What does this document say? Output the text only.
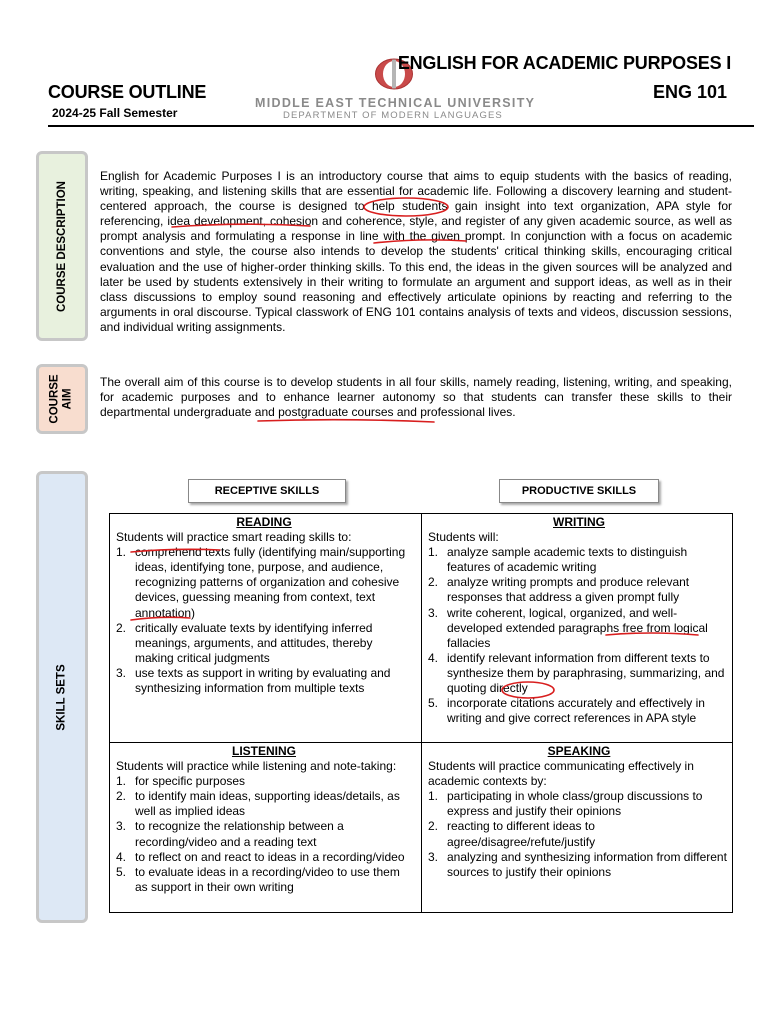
COURSE OUTLINE
2024-25 Fall Semester
MIDDLE EAST TECHNICAL UNIVERSITY
DEPARTMENT OF MODERN LANGUAGES
ENGLISH FOR ACADEMIC PURPOSES I
ENG 101
COURSE DESCRIPTION
COURSE
AIM
SKILL SETS

English for Academic Purposes I is an introductory course that aims to equip students with the basics of reading, writing, speaking, and listening skills that are essential for academic life. Following a discovery learning and student-centered approach, the course is designed to help students gain insight into text organization, APA style for referencing, idea development, cohesion and coherence, style, and register of any given academic source, as well as prompt analysis and formulating a response in line with the given prompt. In conjunction with a focus on academic conventions and style, the course also intends to develop the students' critical thinking skills, encouraging critical evaluation and the use of higher-order thinking skills. To this end, the ideas in the given sources will be analyzed and later be used by students extensively in their writing to formulate an argument and support ideas, as well as in their class discussions to employ sound reasoning and effectively articulate opinions by reacting and referring to the arguments in oral discourse. Typical classwork of ENG 101 contains analysis of texts and videos, discussion sessions, and individual writing assignments.

The overall aim of this course is to develop students in all four skills, namely reading, listening, writing, and speaking, for academic purposes and to enhance learner autonomy so that students can transfer these skills to their departmental undergraduate and postgraduate courses and professional lives.

RECEPTIVE SKILLS	PRODUCTIVE SKILLS
READING
Students will practice smart reading skills to:
1. comprehend texts fully (identifying main/supporting ideas, identifying tone, purpose, and audience, recognizing patterns of organization and cohesive devices, guessing meaning from context, text annotation)
2. critically evaluate texts by identifying inferred meanings, arguments, and attitudes, thereby making critical judgments
3. use texts as support in writing by evaluating and synthesizing information from multiple texts
WRITING
Students will:
1. analyze sample academic texts to distinguish features of academic writing
2. analyze writing prompts and produce relevant responses that address a given prompt fully
3. write coherent, logical, organized, and well-developed extended paragraphs free from logical fallacies
4. identify relevant information from different texts to synthesize them by paraphrasing, summarizing, and quoting directly
5. incorporate citations accurately and effectively in writing and give correct references in APA style
LISTENING
Students will practice while listening and note-taking:
1. for specific purposes
2. to identify main ideas, supporting ideas/details, as well as implied ideas
3. to recognize the relationship between a recording/video and a reading text
4. to reflect on and react to ideas in a recording/video
5. to evaluate ideas in a recording/video to use them as support in their own writing
SPEAKING
Students will practice communicating effectively in academic contexts by:
1. participating in whole class/group discussions to express and justify their opinions
2. reacting to different ideas to agree/disagree/refute/justify
3. analyzing and synthesizing information from different sources to justify their opinions
